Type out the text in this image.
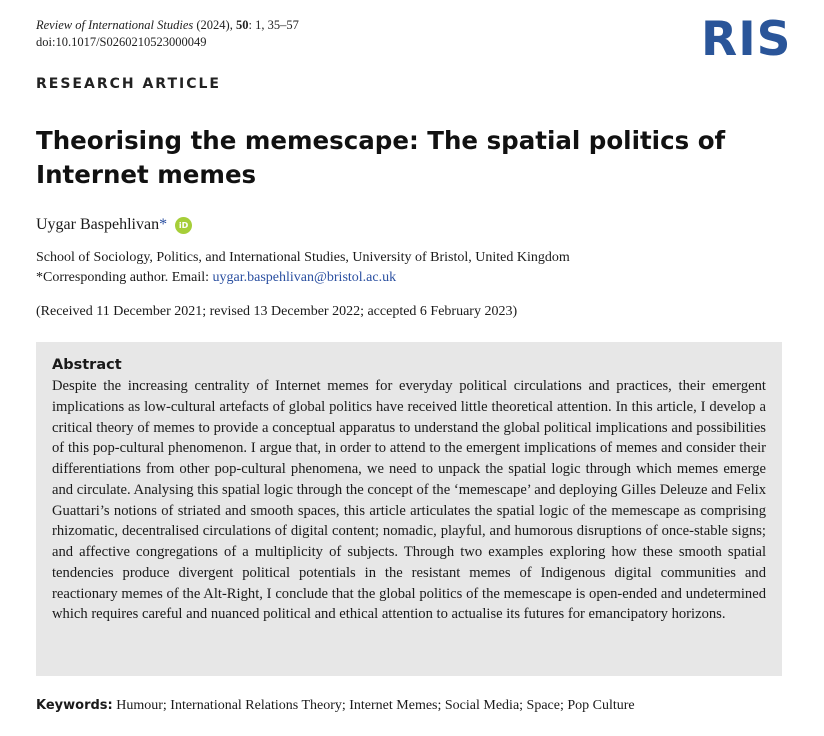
Review of International Studies (2024), 50: 1, 35–57
doi:10.1017/S0260210523000049	RIS
RESEARCH ARTICLE
Theorising the memescape: The spatial politics of Internet memes
Uygar Baspehlivan* iD
School of Sociology, Politics, and International Studies, University of Bristol, United Kingdom
*Corresponding author. Email: uygar.baspehlivan@bristol.ac.uk
(Received 11 December 2021; revised 13 December 2022; accepted 6 February 2023)

Abstract

Despite the increasing centrality of Internet memes for everyday political circulations and practices, their emergent implications as low-cultural artefacts of global politics have received little theoretical attention. In this article, I develop a critical theory of memes to provide a conceptual apparatus to understand the global political implications and possibilities of this pop-cultural phenomenon. I argue that, in order to attend to the emergent implications of memes and consider their differentiations from other pop-cultural phenomena, we need to unpack the spatial logic through which memes emerge and circulate. Analysing this spatial logic through the concept of the ‘memescape’ and deploying Gilles Deleuze and Felix Guattari’s notions of striated and smooth spaces, this article articulates the spatial logic of the memescape as comprising rhizomatic, decentralised circulations of digital content; nomadic, playful, and humorous disruptions of once-stable signs; and affective congregations of a multiplicity of subjects. Through two examples exploring how these smooth spatial tendencies produce divergent political potentials in the resistant memes of Indigenous digital communities and reactionary memes of the Alt-Right, I conclude that the global politics of the memescape is open-ended and undetermined which requires careful and nuanced political and ethical attention to actualise its futures for emancipatory horizons.

Keywords: Humour; International Relations Theory; Internet Memes; Social Media; Space; Pop Culture
